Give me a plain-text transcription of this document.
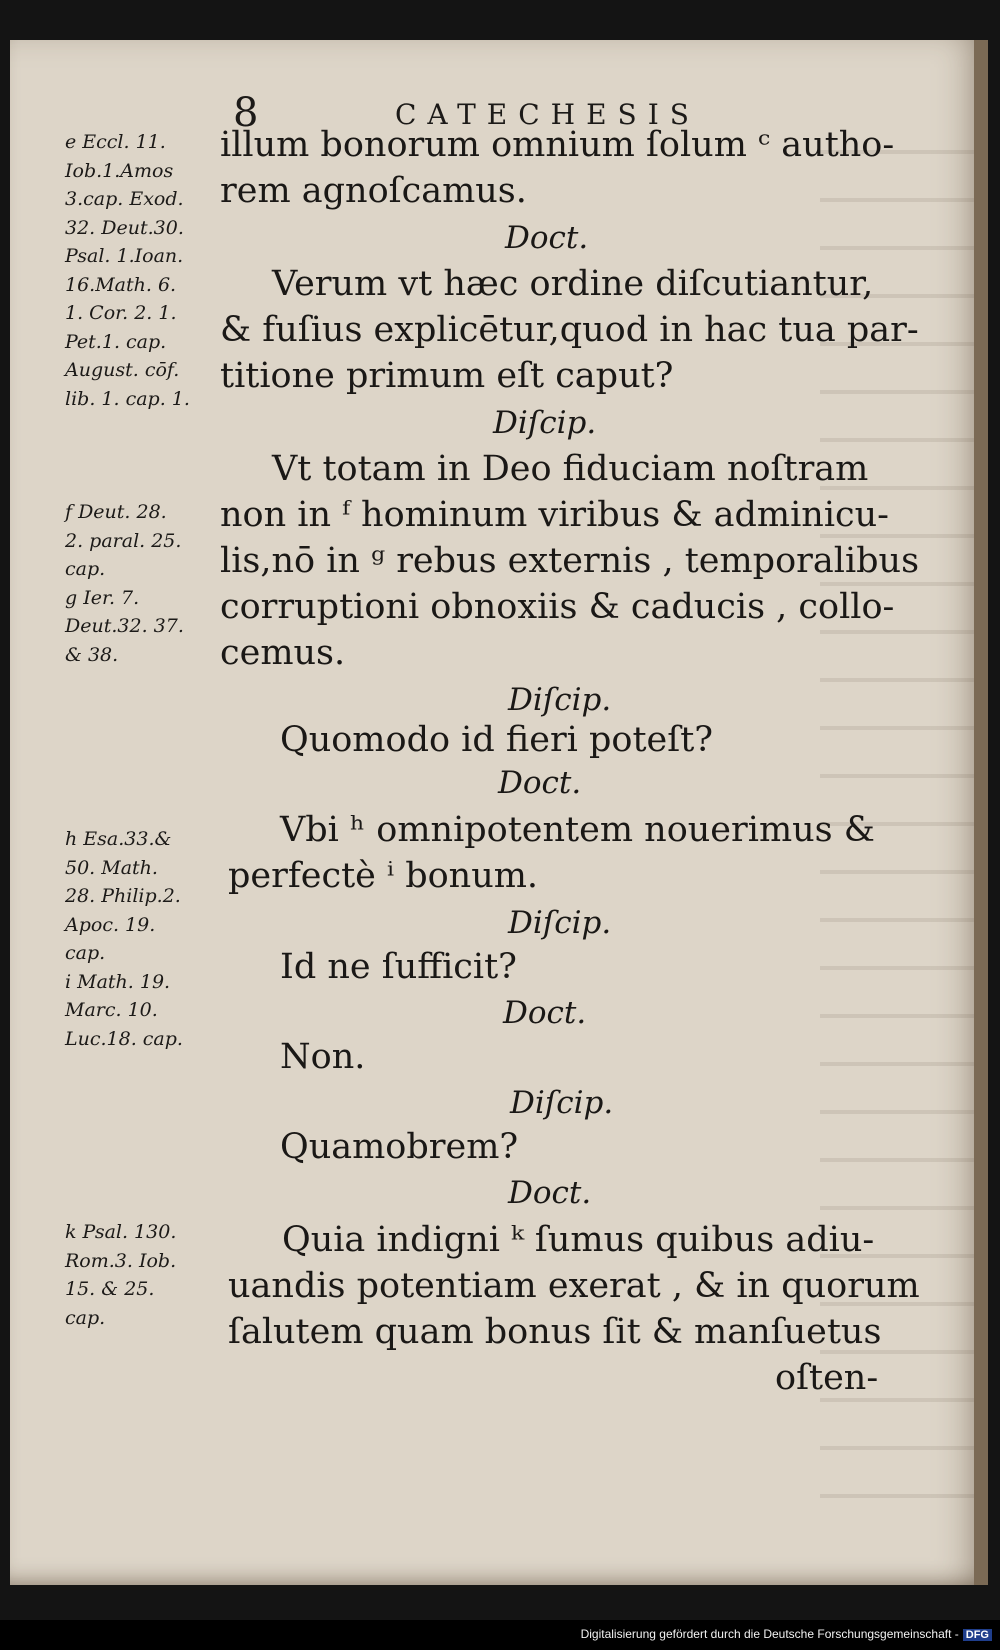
8	CATECHESIS

e Eccl. 11.
Iob.1.Amos
3.cap. Exod.
32. Deut.30.
Psal. 1.Ioan.
16.Math. 6.
1. Cor. 2. 1.
Pet.1. cap.
August. cōf.
lib. 1. cap. 1.

f Deut. 28.
2. paral. 25.
cap.
g Ier. 7.
Deut.32. 37.
& 38.

h Esa.33.&
50. Math.
28. Philip.2.
Apoc. 19.
cap.
i Math. 19.
Marc. 10.
Luc.18. cap.

k Psal. 130.
Rom.3. Iob.
15. & 25.
cap.

illum bonorum omnium ſolum ᶜ autho-

rem agnoſcamus.

Doct.

Verum vt hæc ordine diſcutiantur,

& fuſius explicētur,quod in hac tua par-

titione primum eſt caput?

Diſcip.

Vt totam in Deo fiduciam noſtram

non in ᶠ hominum viribus & adminicu-

lis,nō in ᵍ rebus externis , temporalibus

corruptioni obnoxiis & caducis , collo-

cemus.

Diſcip.

Quomodo id fieri poteſt?

Doct.

Vbi ʰ omnipotentem nouerimus &

perfectè ⁱ bonum.

Diſcip.

Id ne ſufficit?

Doct.

Non.

Diſcip.

Quamobrem?

Doct.

Quia indigni ᵏ ſumus quibus adiu-

uandis potentiam exerat , & in quorum

ſalutem quam bonus ſit & manſuetus

oſten-

Digitalisierung gefördert durch die Deutsche Forschungsgemeinschaft - DFG
